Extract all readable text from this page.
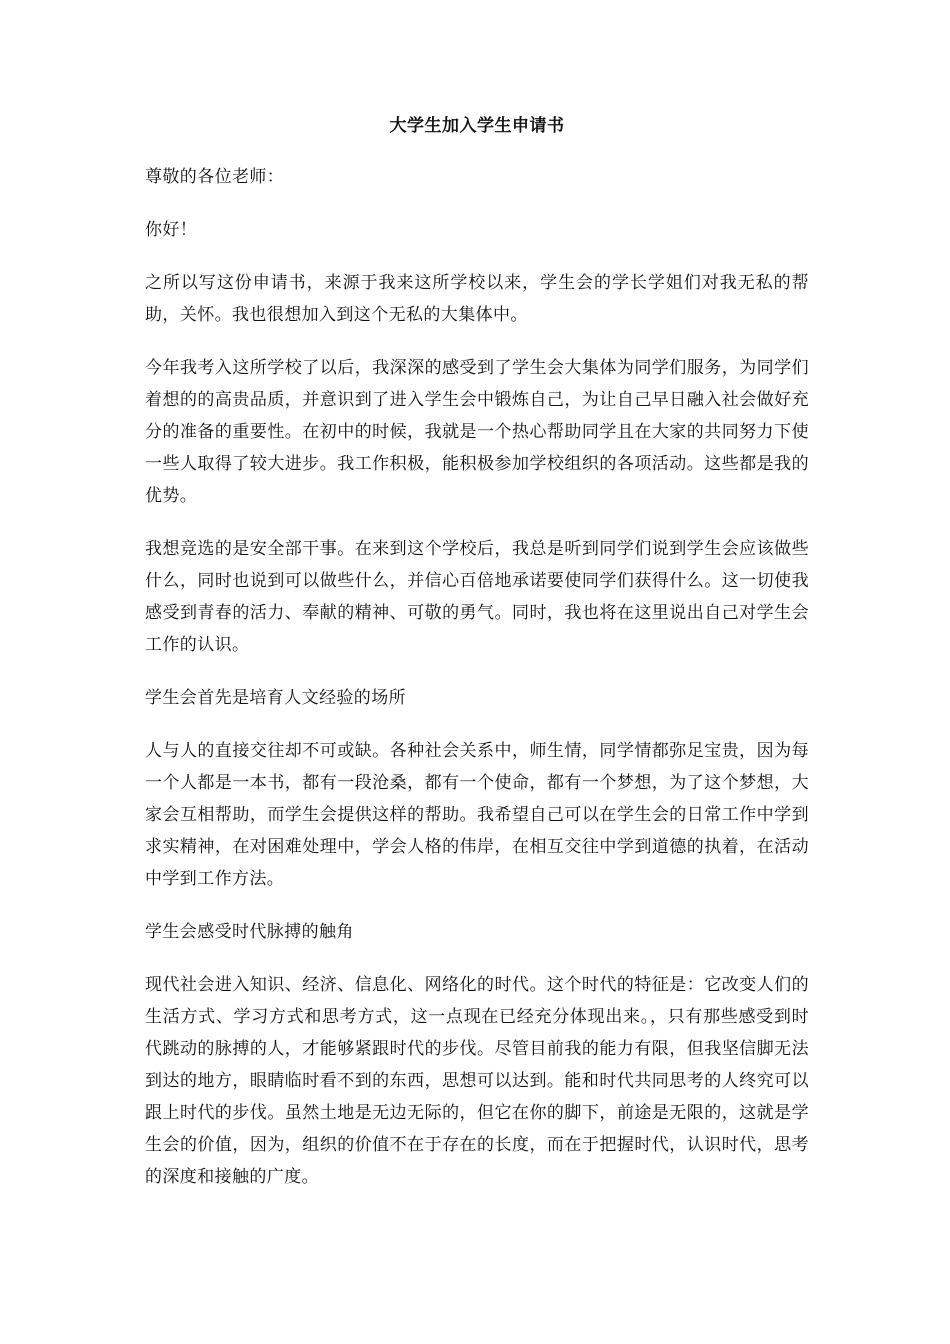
大学生加入学生申请书

尊敬的各位老师：

你好！

之所以写这份申请书，来源于我来这所学校以来，学生会的学长学姐们对我无私的帮助，关怀。我也很想加入到这个无私的大集体中。

今年我考入这所学校了以后，我深深的感受到了学生会大集体为同学们服务，为同学们着想的的高贵品质，并意识到了进入学生会中锻炼自己，为让自己早日融入社会做好充分的准备的重要性。在初中的时候，我就是一个热心帮助同学且在大家的共同努力下使一些人取得了较大进步。我工作积极，能积极参加学校组织的各项活动。这些都是我的优势。

我想竞选的是安全部干事。在来到这个学校后，我总是听到同学们说到学生会应该做些什么，同时也说到可以做些什么，并信心百倍地承诺要使同学们获得什么。这一切使我感受到青春的活力、奉献的精神、可敬的勇气。同时，我也将在这里说出自己对学生会工作的认识。

学生会首先是培育人文经验的场所

人与人的直接交往却不可或缺。各种社会关系中，师生情，同学情都弥足宝贵，因为每 一个人都是一本书，都有一段沧桑，都有一个使命，都有一个梦想，为了这个梦想，大家会互相帮助，而学生会提供这样的帮助。我希望自己可以在学生会的日常工作中学到求实精神，在对困难处理中，学会人格的伟岸，在相互交往中学到道德的执着，在活动中学到工作方法。

学生会感受时代脉搏的触角

现代社会进入知识、经济、信息化、网络化的时代。这个时代的特征是：它改变人们的生活方式、学习方式和思考方式，这一点现在已经充分体现出来。，只有那些感受到时代跳动的脉搏的人，才能够紧跟时代的步伐。尽管目前我的能力有限，但我坚信脚无法到达的地方，眼睛临时看不到的东西，思想可以达到。能和时代共同思考的人终究可以跟上时代的步伐。虽然土地是无边无际的，但它在你的脚下，前途是无限的，这就是学生会的价值，因为，组织的价值不在于存在的长度，而在于把握时代，认识时代，思考的深度和接触的广度。
